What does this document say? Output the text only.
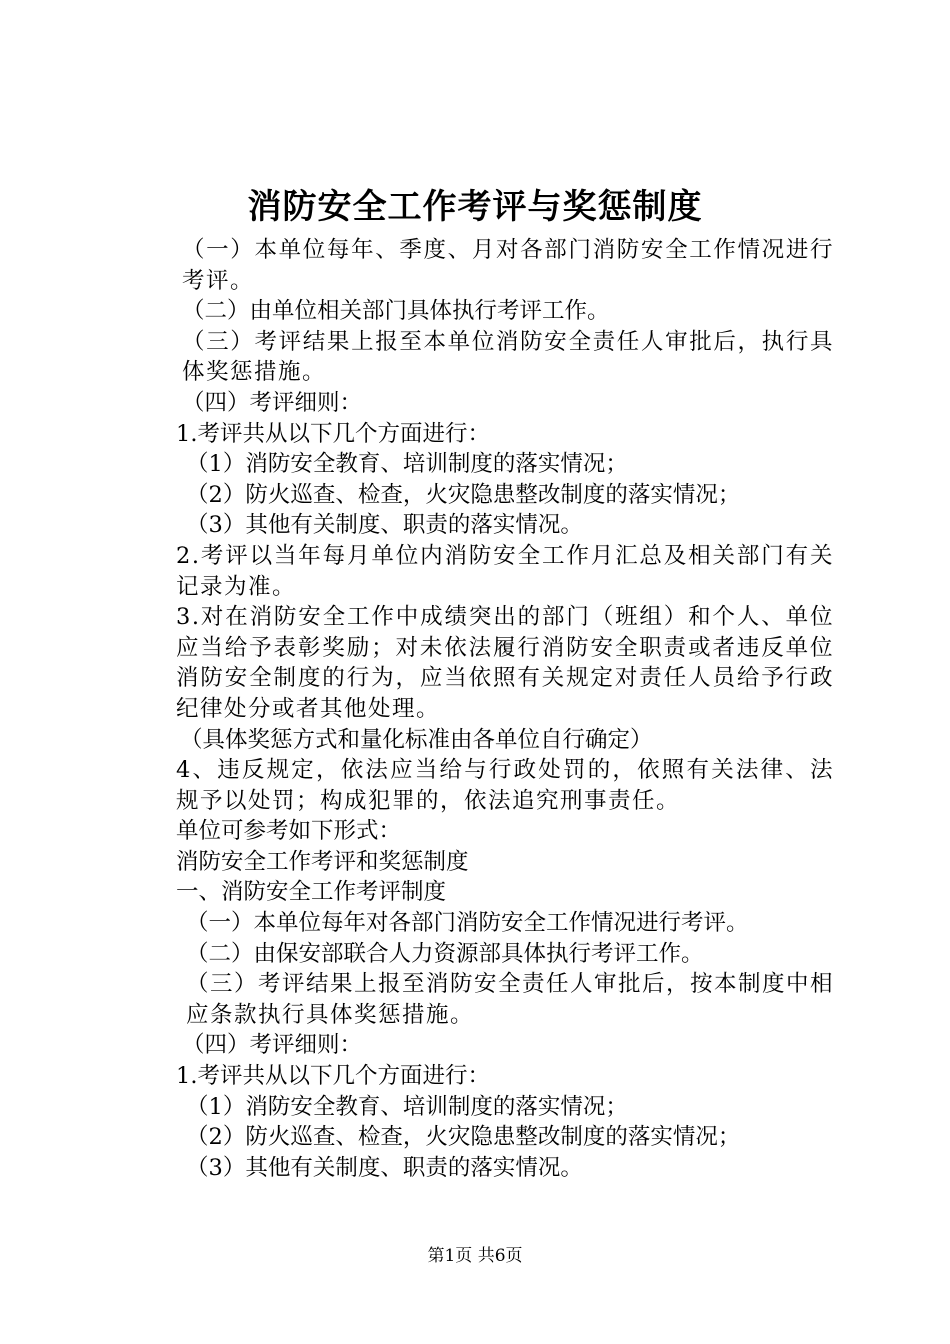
消防安全工作考评与奖惩制度

（一）本单位每年、季度、月对各部门消防安全工作情况进行考评。

（二）由单位相关部门具体执行考评工作。

（三）考评结果上报至本单位消防安全责任人审批后，执行具体奖惩措施。

（四）考评细则：

1.考评共从以下几个方面进行：

（1）消防安全教育、培训制度的落实情况；

（2）防火巡查、检查，火灾隐患整改制度的落实情况；

（3）其他有关制度、职责的落实情况。

2.考评以当年每月单位内消防安全工作月汇总及相关部门有关记录为准。

3.对在消防安全工作中成绩突出的部门（班组）和个人、单位应当给予表彰奖励；对未依法履行消防安全职责或者违反单位消防安全制度的行为，应当依照有关规定对责任人员给予行政纪律处分或者其他处理。

（具体奖惩方式和量化标准由各单位自行确定）

4、违反规定，依法应当给与行政处罚的，依照有关法律、法规予以处罚；构成犯罪的，依法追究刑事责任。

单位可参考如下形式：

消防安全工作考评和奖惩制度

一、消防安全工作考评制度

（一）本单位每年对各部门消防安全工作情况进行考评。

（二）由保安部联合人力资源部具体执行考评工作。

（三）考评结果上报至消防安全责任人审批后，按本制度中相应条款执行具体奖惩措施。

（四）考评细则：

1.考评共从以下几个方面进行：

（1）消防安全教育、培训制度的落实情况；

（2）防火巡查、检查，火灾隐患整改制度的落实情况；

（3）其他有关制度、职责的落实情况。

第1页 共6页
